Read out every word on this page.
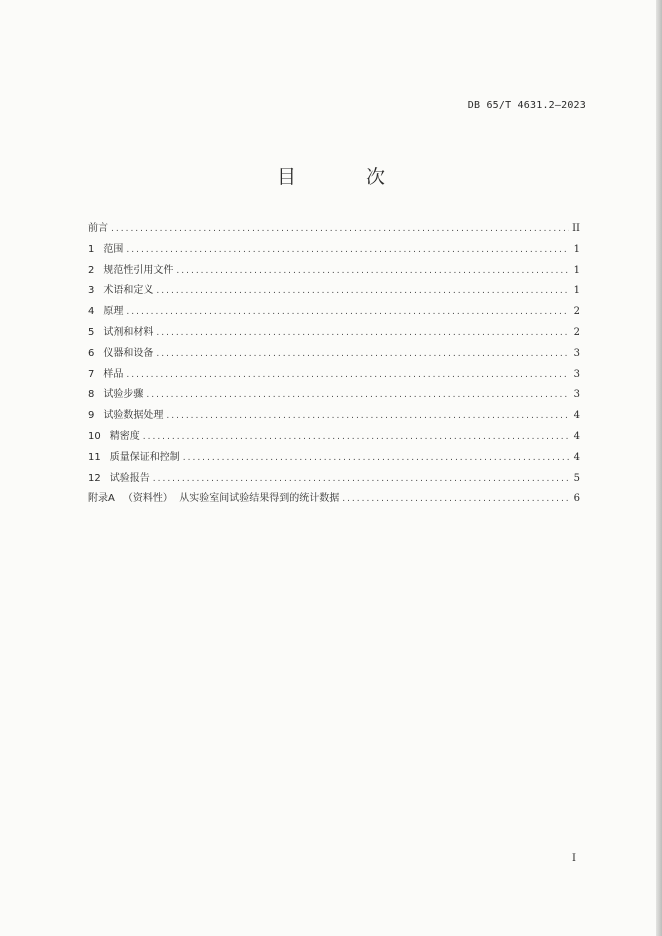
DB 65/T 4631.2—2023
目 次
前言 .....	II
1 范围 .....	1
2 规范性引用文件 .....	1
3 术语和定义 .....	1
4 原理 .....	2
5 试剂和材料 .....	2
6 仪器和设备 .....	3
7 样品 .....	3
8 试验步骤 .....	3
9 试验数据处理 .....	4
10 精密度 .....	4
11 质量保证和控制 .....	4
12 试验报告 .....	5
附录A （资料性）  从实验室间试验结果得到的统计数据 .....	6
I
